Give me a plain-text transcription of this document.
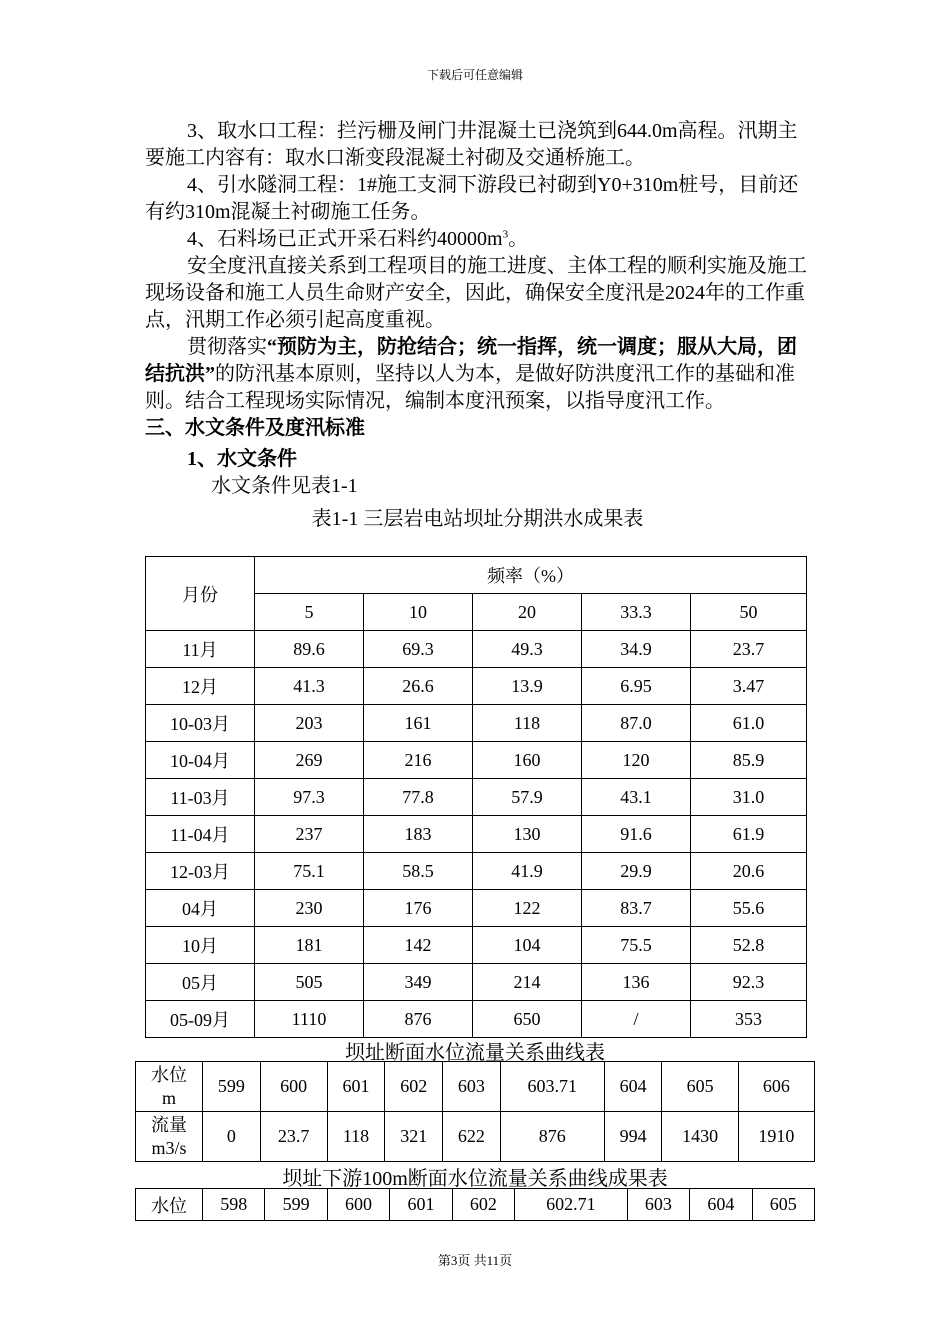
下载后可任意编辑

3、取水口工程：拦污栅及闸门井混凝土已浇筑到644.0m高程。汛期主要施工内容有：取水口渐变段混凝土衬砌及交通桥施工。

4、引水隧洞工程：1#施工支洞下游段已衬砌到Y0+310m桩号，目前还有约310m混凝土衬砌施工任务。

4、石料场已正式开采石料约$40000m^3$。

安全度汛直接关系到工程项目的施工进度、主体工程的顺利实施及施工现场设备和施工人员生命财产安全，因此，确保安全度汛是2024年的工作重点，汛期工作必须引起高度重视。

贯彻落实“预防为主，防抢结合；统一指挥，统一调度；服从大局，团结抗洪”的防汛基本原则，坚持以人为本，是做好防洪度汛工作的基础和准则。结合工程现场实际情况，编制本度汛预案，以指导度汛工作。

三、水文条件及度汛标准

1、水文条件

水文条件见表1-1

表1-1 三层岩电站坝址分期洪水成果表

月份	频率（%）				
	5	10	20	33.3	50
11月	89.6	69.3	49.3	34.9	23.7
12月	41.3	26.6	13.9	6.95	3.47
10-03月	203	161	118	87.0	61.0
10-04月	269	216	160	120	85.9
11-03月	97.3	77.8	57.9	43.1	31.0
11-04月	237	183	130	91.6	61.9
12-03月	75.1	58.5	41.9	29.9	20.6
04月	230	176	122	83.7	55.6
10月	181	142	104	75.5	52.8
05月	505	349	214	136	92.3
05-09月	1110	876	650	/	353
坝址断面水位流量关系曲线表
水位
m	599	600	601	602	603	603.71	604	605	606
流量
m3/s	0	23.7	118	321	622	876	994	1430	1910
坝址下游100m断面水位流量关系曲线成果表
水位	598	599	600	601	602	602.71	603	604	605
第3页 共11页
